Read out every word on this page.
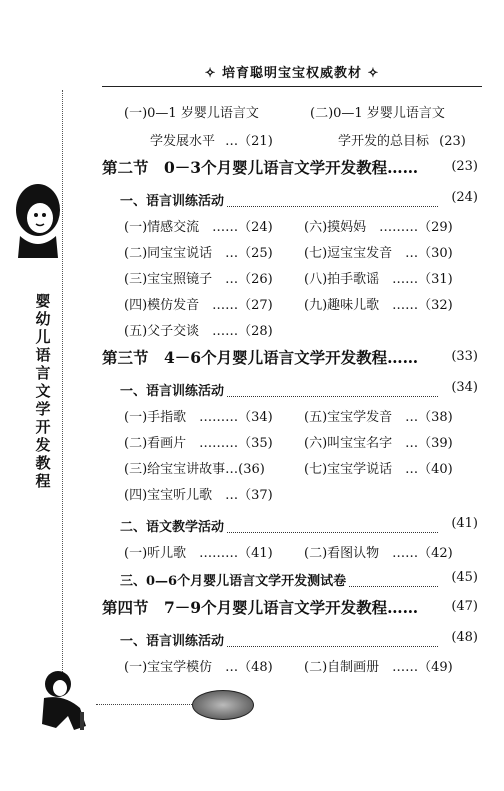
✧ 培育聪明宝宝权威教材 ✧
婴幼儿语言文学开发教程
(一)0—1 岁婴儿语言文	(二)0—1 岁婴儿语言文
学发展水平 …（21)	学开发的总目标 (23)
第二节　0－3个月婴儿语言文学开发教程……	(23)
一、语言训练活动	(24)
(一)情感交流　……（24) (六)摸妈妈　………（29)
(二)同宝宝说话　…（25) (七)逗宝宝发音　…（30)
(三)宝宝照镜子　…（26) (八)拍手歌谣　……（31)
(四)模仿发音　……（27) (九)趣味儿歌　……（32)
(五)父子交谈　……（28)
第三节　4－6个月婴儿语言文学开发教程……	(33)
一、语言训练活动	(34)
(一)手指歌　………（34) (五)宝宝学发音　…（38)
(二)看画片　………（35) (六)叫宝宝名字　…（39)
(三)给宝宝讲故事…(36)	(七)宝宝学说话　…（40)
(四)宝宝听儿歌　…（37)
二、语文教学活动	(41)
(一)听儿歌　………（41) (二)看图认物　……（42)
三、0—6个月婴儿语言文学开发测试卷	(45)
第四节　7－9个月婴儿语言文学开发教程……	(47)
一、语言训练活动	(48)
(一)宝宝学模仿　…（48) (二)自制画册　……（49)
